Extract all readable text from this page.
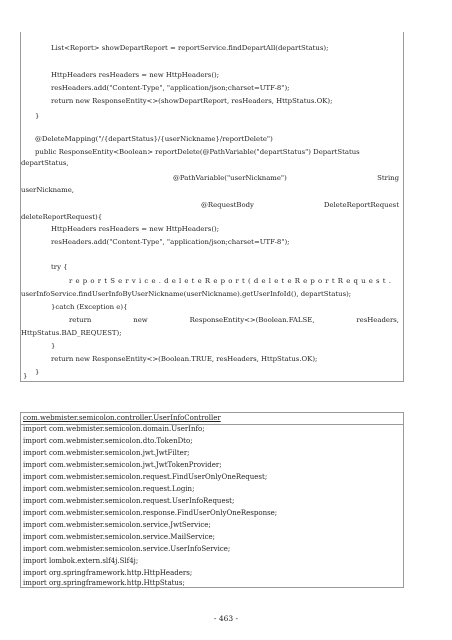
List<Report> showDepartReport = reportService.findDepartAll(departStatus);
HttpHeaders resHeaders = new HttpHeaders();
resHeaders.add("Content-Type", "application/json;charset=UTF-8");
return new ResponseEntity<>(showDepartReport, resHeaders, HttpStatus.OK);
}
@DeleteMapping("/{departStatus}/{userNickname}/reportDelete")
public ResponseEntity<Boolean> reportDelete(@PathVariable("departStatus") DepartStatus
departStatus,
@PathVariable("userNickname")	String
userNickname,
@RequestBody	DeleteReportRequest
deleteReportRequest){
HttpHeaders resHeaders = new HttpHeaders();
resHeaders.add("Content-Type", "application/json;charset=UTF-8");
try {
reportService.deleteReport(deleteReportRequest.
userInfoService.findUserInfoByUserNickname(userNickname).getUserInfoId(), departStatus);
}catch (Exception e){
return	new	ResponseEntity<>(Boolean.FALSE,	resHeaders,
HttpStatus.BAD_REQUEST);
}
return new ResponseEntity<>(Boolean.TRUE, resHeaders, HttpStatus.OK);
}
}
com.webmister.semicolon.controller.UserInfoController
import com.webmister.semicolon.domain.UserInfo;
import com.webmister.semicolon.dto.TokenDto;
import com.webmister.semicolon.jwt.JwtFilter;
import com.webmister.semicolon.jwt.JwtTokenProvider;
import com.webmister.semicolon.request.FindUserOnlyOneRequest;
import com.webmister.semicolon.request.Login;
import com.webmister.semicolon.request.UserInfoRequest;
import com.webmister.semicolon.response.FindUserOnlyOneResponse;
import com.webmister.semicolon.service.JwtService;
import com.webmister.semicolon.service.MailService;
import com.webmister.semicolon.service.UserInfoService;
import lombok.extern.slf4j.Slf4j;
import org.springframework.http.HttpHeaders;
import org.springframework.http.HttpStatus;
- 463 -
